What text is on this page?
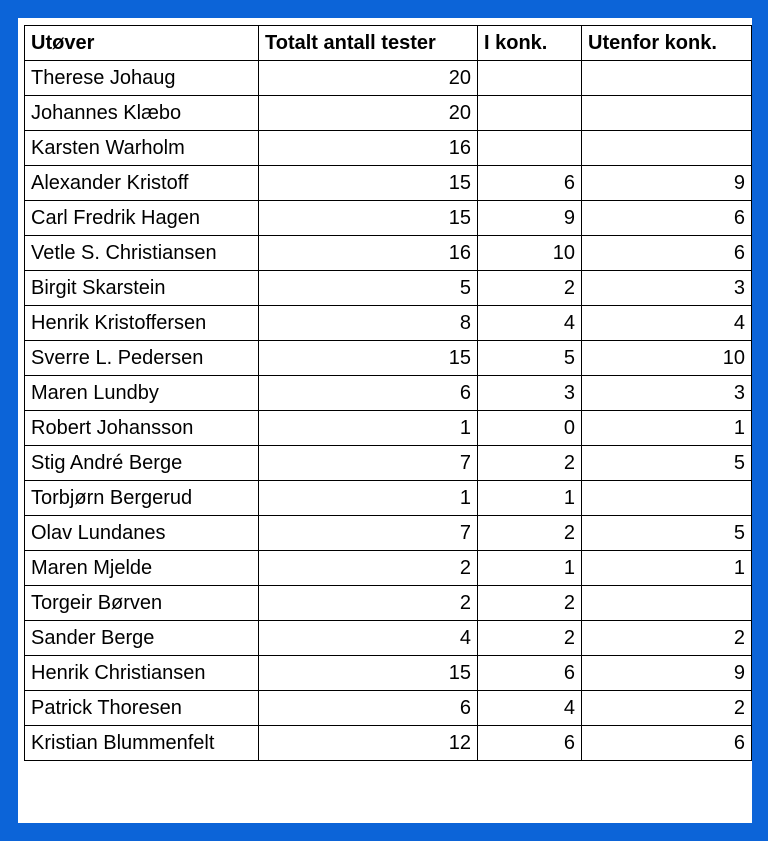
Utøver	Totalt antall tester	I konk.	Utenfor konk.
Therese Johaug	20		
Johannes Klæbo	20		
Karsten Warholm	16		
Alexander Kristoff	15	6	9
Carl Fredrik Hagen	15	9	6
Vetle S. Christiansen	16	10	6
Birgit Skarstein	5	2	3
Henrik Kristoffersen	8	4	4
Sverre L. Pedersen	15	5	10
Maren Lundby	6	3	3
Robert Johansson	1	0	1
Stig André Berge	7	2	5
Torbjørn Bergerud	1	1	
Olav Lundanes	7	2	5
Maren Mjelde	2	1	1
Torgeir Børven	2	2	
Sander Berge	4	2	2
Henrik Christiansen	15	6	9
Patrick Thoresen	6	4	2
Kristian Blummenfelt	12	6	6
